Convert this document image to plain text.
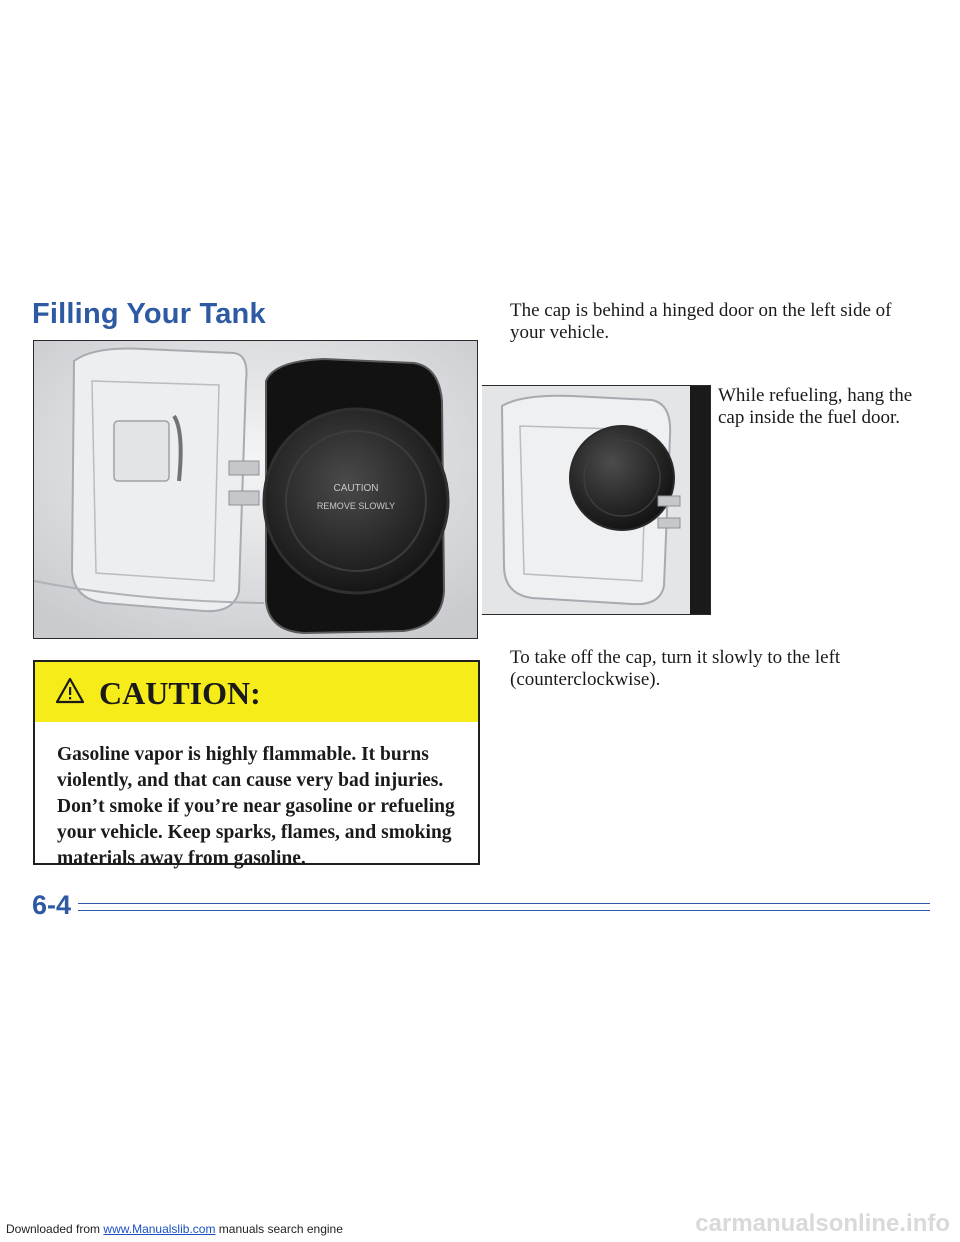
Filling Your Tank
CAUTION
REMOVE SLOWLY
CAUTION:
Gasoline vapor is highly flammable. It burns violently, and that can cause very bad injuries. Don’t smoke if you’re near gasoline or refueling your vehicle. Keep sparks, flames, and smoking materials away from gasoline.
The cap is behind a hinged door on the left side of your vehicle.
While refueling, hang the cap inside the fuel door.
To take off the cap, turn it slowly to the left (counterclockwise).
6-4
Downloaded from www.Manualslib.com manuals search engine	carmanualsonline.info
